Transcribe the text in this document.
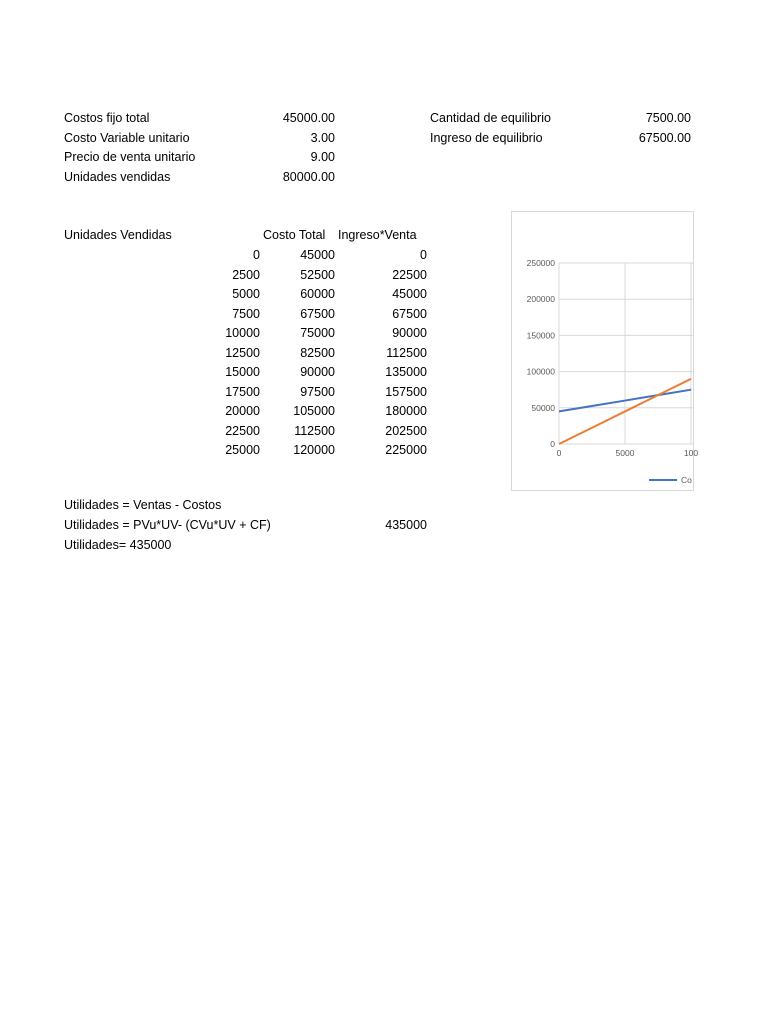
Costos fijo total	45000.00
Costo Variable unitario	3.00
Precio de venta unitario	9.00
Unidades vendidas	80000.00
Cantidad de equilibrio	7500.00
Ingreso de equilibrio	67500.00
Unidades Vendidas	Costo Total Ingreso*Venta
0	45000	0
2500	52500	22500
5000	60000	45000
7500	67500	67500
10000	75000	90000
12500	82500	112500
15000	90000	135000
17500	97500	157500
20000	105000	180000
22500	112500	202500
25000	120000	225000
Utilidades = Ventas - Costos
Utilidades = PVu*UV- (CVu*UV + CF)	435000
Utilidades= 435000
0
50000
100000
150000
200000
250000
0	5000	100
Co
